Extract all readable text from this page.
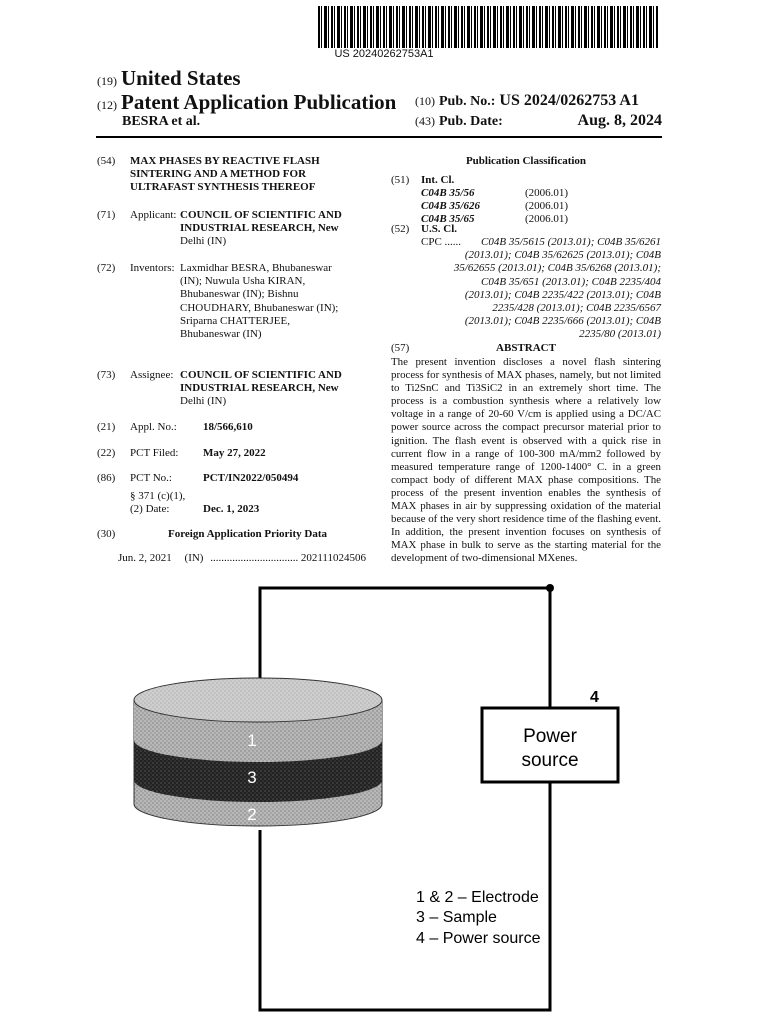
US 20240262753A1
(19) United States
(12) Patent Application Publication
BESRA et al.
(10) Pub. No.: US 2024/0262753 A1
(43) Pub. Date:	Aug. 8, 2024
(54) MAX PHASES BY REACTIVE FLASH
SINTERING AND A METHOD FOR
ULTRAFAST SYNTHESIS THEREOF
(71) Applicant: COUNCIL OF SCIENTIFIC AND
INDUSTRIAL RESEARCH, New
Delhi (IN)
(72) Inventors: Laxmidhar BESRA, Bhubaneswar
(IN); Nuwula Usha KIRAN,
Bhubaneswar (IN); Bishnu
CHOUDHARY, Bhubaneswar (IN);
Sriparna CHATTERJEE,
Bhubaneswar (IN)
(73) Assignee: COUNCIL OF SCIENTIFIC AND
INDUSTRIAL RESEARCH, New
Delhi (IN)
(21) Appl. No.: 18/566,610
(22) PCT Filed: May 27, 2022
(86) PCT No.:	PCT/IN2022/050494
§ 371 (c)(1),
(2) Date:	Dec. 1, 2023
(30)	Foreign Application Priority Data
Jun. 2, 2021 (IN) ................................ 202111024506
Publication Classification
(51) Int. Cl.
C04B 35/56	(2006.01)
C04B 35/626	(2006.01)
C04B 35/65	(2006.01)
(52) U.S. Cl.
CPC ......	C04B 35/5615 (2013.01); C04B 35/6261
(2013.01); C04B 35/62625 (2013.01); C04B
35/62655 (2013.01); C04B 35/6268 (2013.01);
C04B 35/651 (2013.01); C04B 2235/404
(2013.01); C04B 2235/422 (2013.01); C04B
2235/428 (2013.01); C04B 2235/6567
(2013.01); C04B 2235/666 (2013.01); C04B
2235/80 (2013.01)
(57)	ABSTRACT
The present invention discloses a novel flash sintering process for synthesis of MAX phases, namely, but not limited to Ti2SnC and Ti3SiC2 in an extremely short time. The process is a combustion synthesis where a relatively low voltage in a range of 20-60 V/cm is applied using a DC/AC power source across the compact precursor material prior to ignition. The flash event is observed with a quick rise in current flow in a range of 100-300 mA/mm2 followed by measured temperature range of 1200-1400° C. in a green compact body of different MAX phase compositions. The process of the present invention enables the synthesis of MAX phases in air by suppressing oxidation of the material because of the very short residence time of the flashing event. In addition, the present invention focuses on synthesis of MAX phase in bulk to serve as the starting material for the development of two-dimensional MXenes.
1
3
2
Power
source
4
1 & 2 – Electrode
3 – Sample
4 – Power source
